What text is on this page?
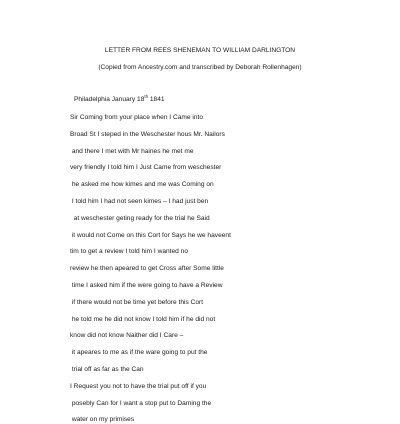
LETTER FROM REES SHENEMAN TO WILLIAM DARLINGTON
(Copied from Ancestry.com and transcribed by Deborah Rollenhagen)
Philadelphia January 18th 1841
Sir Coming from your place when I Came into
Broad St I steped in the Weschester hous Mr. Nailors
and there I met with Mr haines he met me
very friendly I told him I Just Came from weschester
he asked me how kimes and me was Coming on
I told him I had not seen kimes – I had just ben
at weschester geting ready for the trial he Said
it would not Come on this Cort for Says he we haveent
tim to get a review I told him I wanted no
review he then apeared to get Cross after Some little
time I asked him if the were going to have a Review
if there would not be time yet before this Cort
he told me he did not know I told him if he did not
know did not know Naither did I Care –
it apeares to me as if the ware going to put the
trial off as far as the Can
I Request you not to have the trial put off if you
posebly Can for I want a stop put to Daming the
water on my primises
